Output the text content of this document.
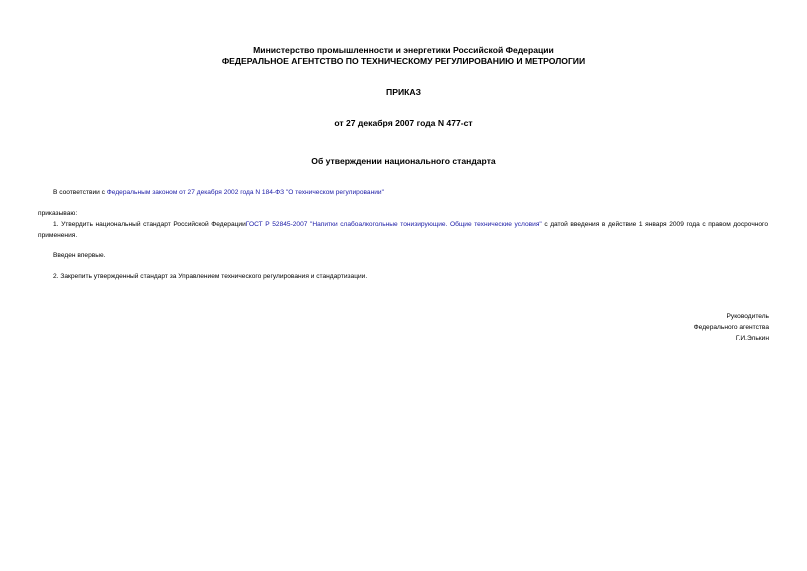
Министерство промышленности и энергетики Российской Федерации

ФЕДЕРАЛЬНОЕ АГЕНТСТВО ПО ТЕХНИЧЕСКОМУ РЕГУЛИРОВАНИЮ И МЕТРОЛОГИИ

ПРИКАЗ

от 27 декабря 2007 года N 477-ст

Об утверждении национального стандарта

В соответствии с Федеральным законом от 27 декабря 2002 года N 184-ФЗ "О техническом регулировании"

приказываю:

1. Утвердить национальный стандарт Российской ФедерацииГОСТ Р 52845-2007 "Напитки слабоалкогольные тонизирующие. Общие технические условия" с датой введения в действие 1 января 2009 года с правом досрочного применения.

Введен впервые.

2. Закрепить утвержденный стандарт за Управлением технического регулирования и стандартизации.

Руководитель

Федерального агентства

Г.И.Элькин
